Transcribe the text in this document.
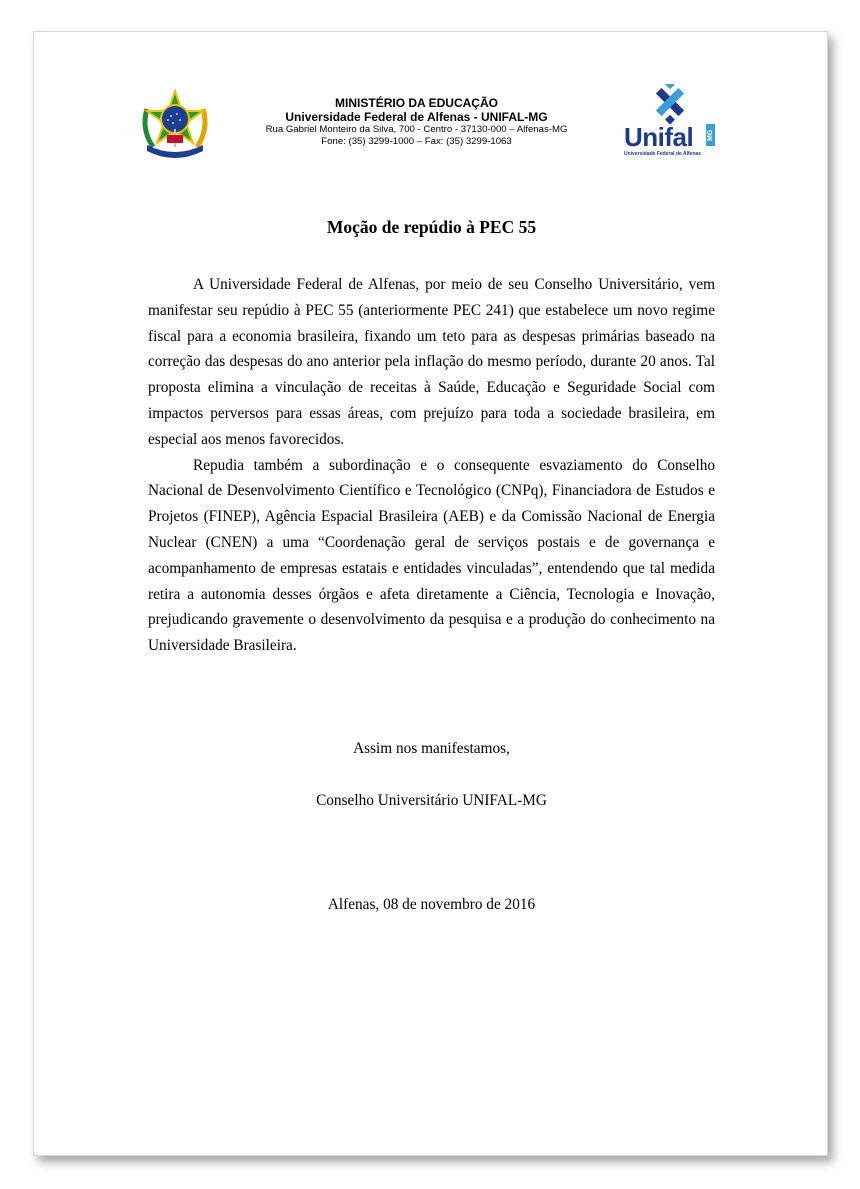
MINISTÉRIO DA EDUCAÇÃO
Universidade Federal de Alfenas - UNIFAL-MG
Rua Gabriel Monteiro da Silva, 700 - Centro - 37130-000 – Alfenas-MG
Fone: (35) 3299-1000 – Fax: (35) 3299-1063	Unifal MG
Universidade Federal de Alfenas
Moção de repúdio à PEC 55

A Universidade Federal de Alfenas, por meio de seu Conselho Universitário, vem manifestar seu repúdio à PEC 55 (anteriormente PEC 241) que estabelece um novo regime fiscal para a economia brasileira, fixando um teto para as despesas primárias baseado na correção das despesas do ano anterior pela inflação do mesmo período, durante 20 anos. Tal proposta elimina a vinculação de receitas à Saúde, Educação e Seguridade Social com impactos perversos para essas áreas, com prejuízo para toda a sociedade brasileira, em especial aos menos favorecidos.

Repudia também a subordinação e o consequente esvaziamento do Conselho Nacional de Desenvolvimento Científico e Tecnológico (CNPq), Financiadora de Estudos e Projetos (FINEP), Agência Espacial Brasileira (AEB) e da Comissão Nacional de Energia Nuclear (CNEN) a uma “Coordenação geral de serviços postais e de governança e acompanhamento de empresas estatais e entidades vinculadas”, entendendo que tal medida retira a autonomia desses órgãos e afeta diretamente a Ciência, Tecnologia e Inovação, prejudicando gravemente o desenvolvimento da pesquisa e a produção do conhecimento na Universidade Brasileira.

Assim nos manifestamos,
Conselho Universitário UNIFAL-MG
Alfenas, 08 de novembro de 2016
